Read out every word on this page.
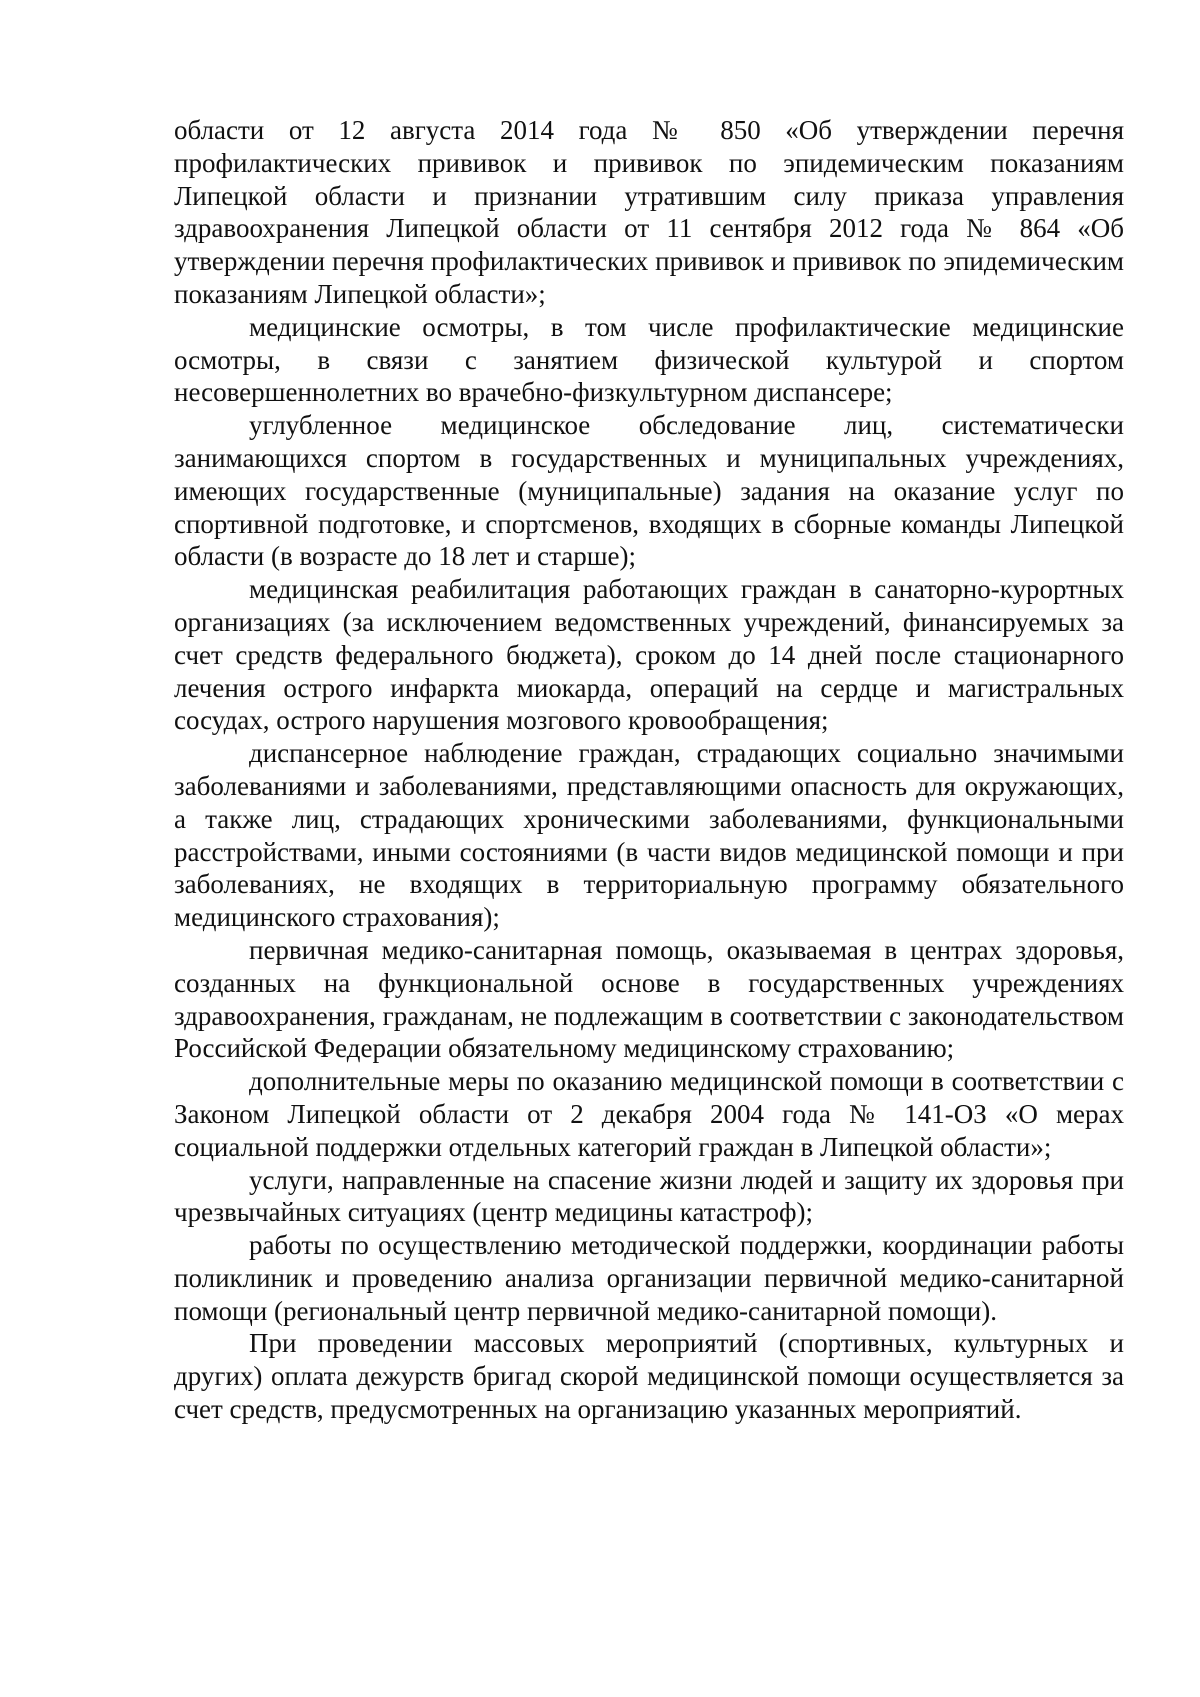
области от 12 августа 2014 года № 850 «Об утверждении перечня профилактических прививок и прививок по эпидемическим показаниям Липецкой области и признании утратившим силу приказа управления здравоохранения Липецкой области от 11 сентября 2012 года № 864 «Об утверждении перечня профилактических прививок и прививок по эпидемическим показаниям Липецкой области»;

медицинские осмотры, в том числе профилактические медицинские осмотры, в связи с занятием физической культурой и спортом несовершеннолетних во врачебно-физкультурном диспансере;

углубленное медицинское обследование лиц, систематически занимающихся спортом в государственных и муниципальных учреждениях, имеющих государственные (муниципальные) задания на оказание услуг по спортивной подготовке, и спортсменов, входящих в сборные команды Липецкой области (в возрасте до 18 лет и старше);

медицинская реабилитация работающих граждан в санаторно-курортных организациях (за исключением ведомственных учреждений, финансируемых за счет средств федерального бюджета), сроком до 14 дней после стационарного лечения острого инфаркта миокарда, операций на сердце и магистральных сосудах, острого нарушения мозгового кровообращения;

диспансерное наблюдение граждан, страдающих социально значимыми заболеваниями и заболеваниями, представляющими опасность для окружающих, а также лиц, страдающих хроническими заболеваниями, функциональными расстройствами, иными состояниями (в части видов медицинской помощи и при заболеваниях, не входящих в территориальную программу обязательного медицинского страхования);

первичная медико-санитарная помощь, оказываемая в центрах здоровья, созданных на функциональной основе в государственных учреждениях здравоохранения, гражданам, не подлежащим в соответствии с законодательством Российской Федерации обязательному медицинскому страхованию;

дополнительные меры по оказанию медицинской помощи в соответствии с Законом Липецкой области от 2 декабря 2004 года № 141-ОЗ «О мерах социальной поддержки отдельных категорий граждан в Липецкой области»;

услуги, направленные на спасение жизни людей и защиту их здоровья при чрезвычайных ситуациях (центр медицины катастроф);

работы по осуществлению методической поддержки, координации работы поликлиник и проведению анализа организации первичной медико-санитарной помощи (региональный центр первичной медико-санитарной помощи).

При проведении массовых мероприятий (спортивных, культурных и других) оплата дежурств бригад скорой медицинской помощи осуществляется за счет средств, предусмотренных на организацию указанных мероприятий.
